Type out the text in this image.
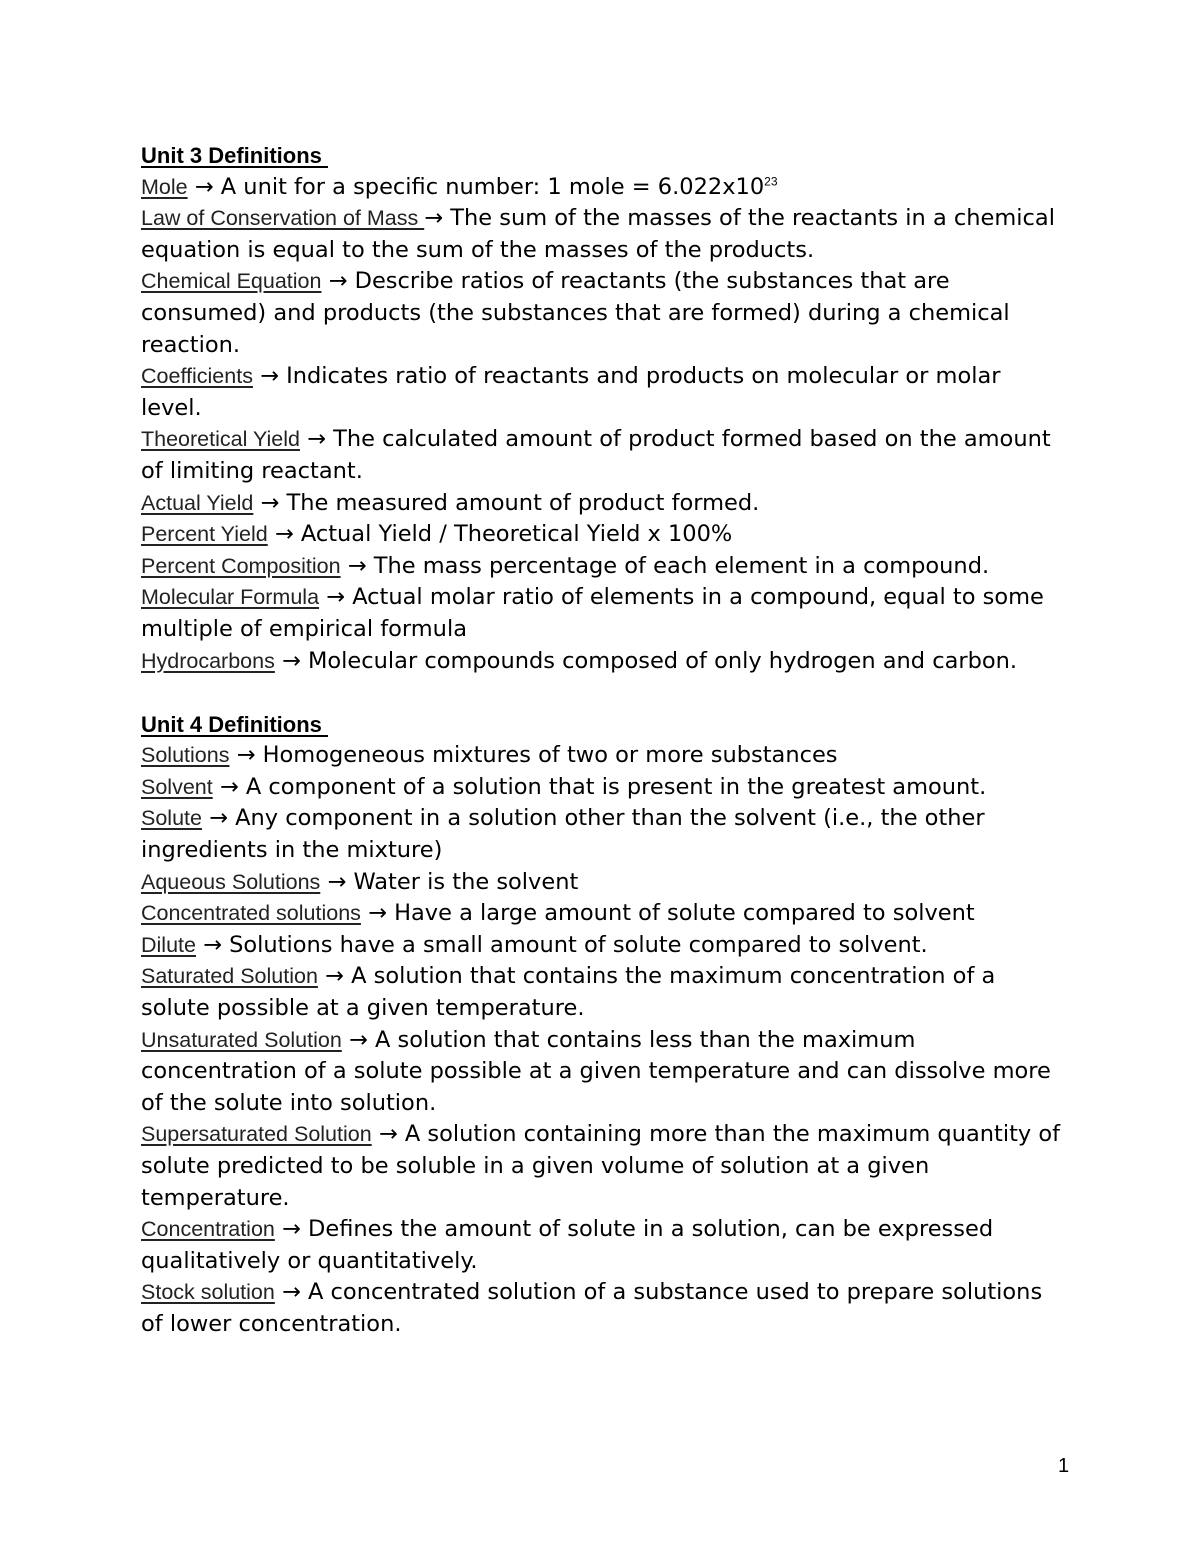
Unit 3 Definitions

Mole → A unit for a specific number: 1 mole = $6.022x10^{23}$

Law of Conservation of Mass → The sum of the masses of the reactants in a chemical equation is equal to the sum of the masses of the products.

Chemical Equation → Describe ratios of reactants (the substances that are consumed) and products (the substances that are formed) during a chemical reaction.

Coefficients → Indicates ratio of reactants and products on molecular or molar level.

Theoretical Yield → The calculated amount of product formed based on the amount of limiting reactant.

Actual Yield → The measured amount of product formed.

Percent Yield → Actual Yield / Theoretical Yield x 100%

Percent Composition → The mass percentage of each element in a compound.

Molecular Formula → Actual molar ratio of elements in a compound, equal to some multiple of empirical formula

Hydrocarbons → Molecular compounds composed of only hydrogen and carbon.

Unit 4 Definitions

Solutions → Homogeneous mixtures of two or more substances

Solvent → A component of a solution that is present in the greatest amount.

Solute → Any component in a solution other than the solvent (i.e., the other ingredients in the mixture)

Aqueous Solutions → Water is the solvent

Concentrated solutions → Have a large amount of solute compared to solvent

Dilute → Solutions have a small amount of solute compared to solvent.

Saturated Solution → A solution that contains the maximum concentration of a solute possible at a given temperature.

Unsaturated Solution → A solution that contains less than the maximum concentration of a solute possible at a given temperature and can dissolve more of the solute into solution.

Supersaturated Solution → A solution containing more than the maximum quantity of solute predicted to be soluble in a given volume of solution at a given temperature.

Concentration → Defines the amount of solute in a solution, can be expressed qualitatively or quantitatively.

Stock solution → A concentrated solution of a substance used to prepare solutions of lower concentration.

1
